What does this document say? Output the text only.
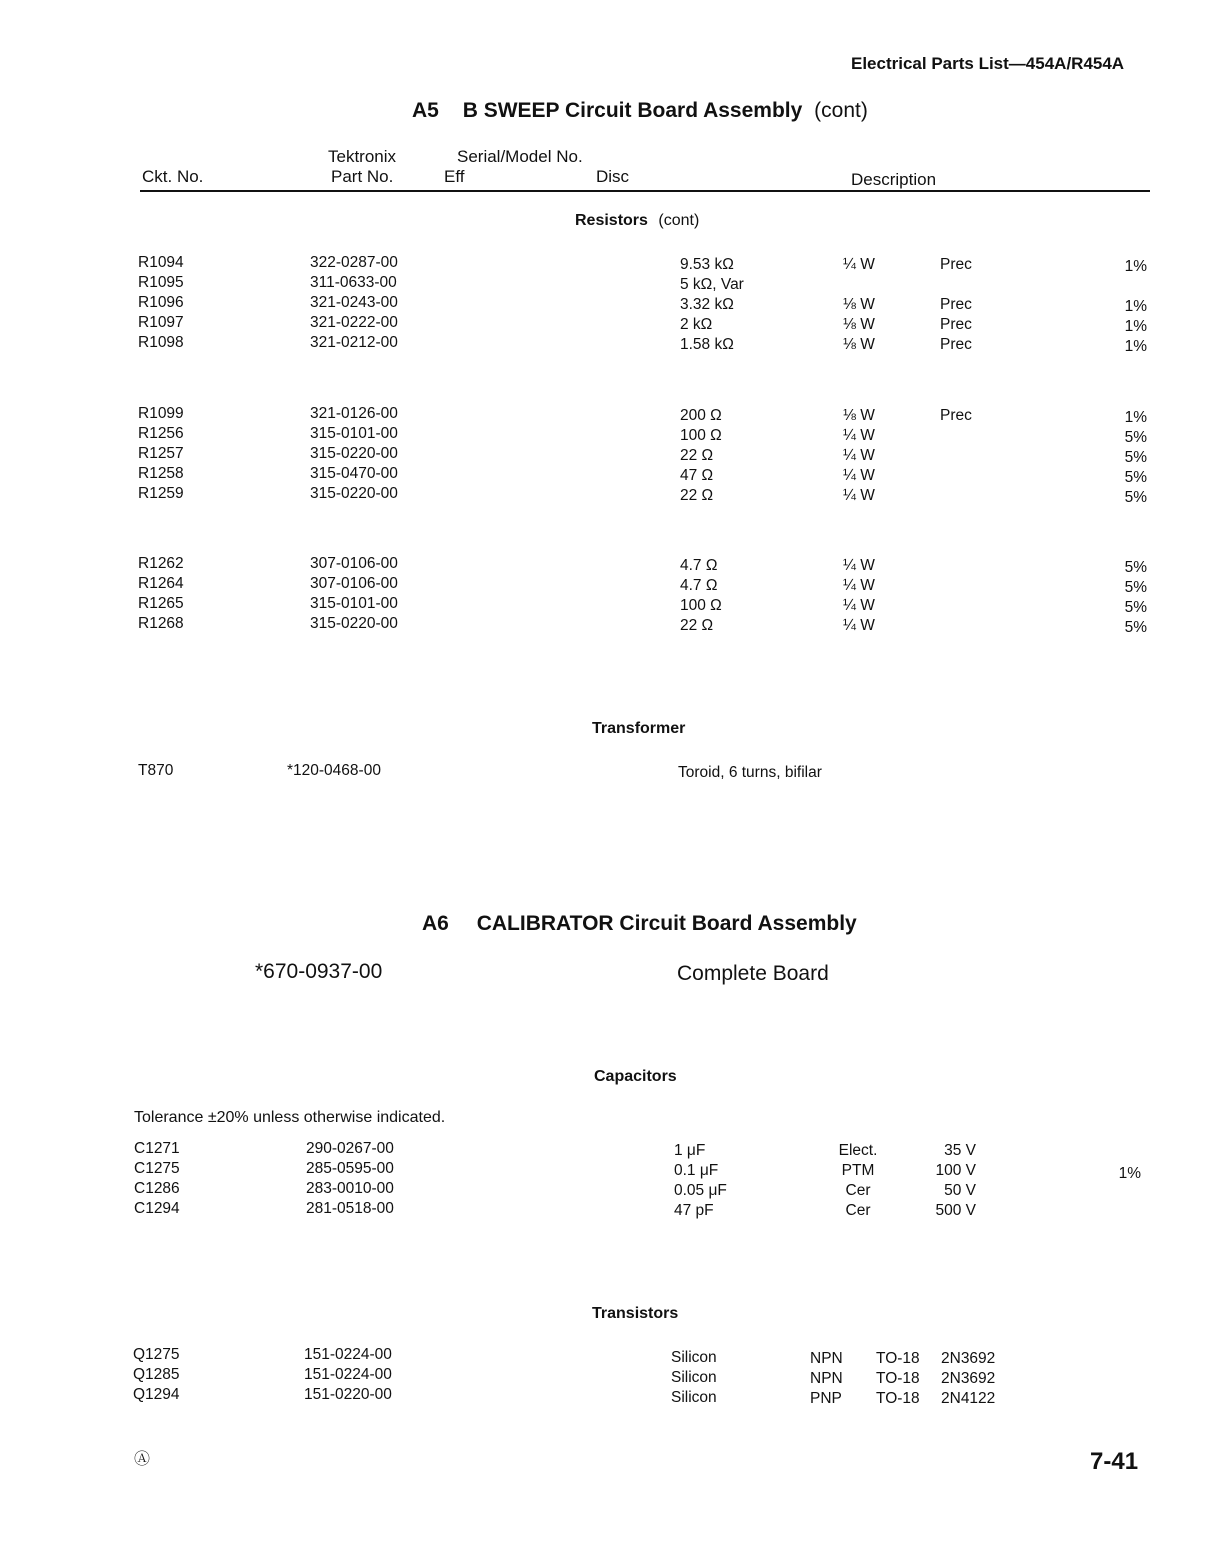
Electrical Parts List—454A/R454A
A5 B SWEEP Circuit Board Assembly (cont)
Tektronix	Serial/Model No.
Ckt. No.	Part No.	Eff	Disc	Description
Resistors (cont)
R1094	322-0287-00	9.53 kΩ	¼ W	Prec	1%
R1095	311-0633-00	5 kΩ, Var
R1096	321-0243-00	3.32 kΩ	⅛ W	Prec	1%
R1097	321-0222-00	2 kΩ	⅛ W	Prec	1%
R1098	321-0212-00	1.58 kΩ	⅛ W	Prec	1%
R1099	321-0126-00	200 Ω	⅛ W	Prec	1%
R1256	315-0101-00	100 Ω	¼ W	5%
R1257	315-0220-00	22 Ω	¼ W	5%
R1258	315-0470-00	47 Ω	¼ W	5%
R1259	315-0220-00	22 Ω	¼ W	5%
R1262	307-0106-00	4.7 Ω	¼ W	5%
R1264	307-0106-00	4.7 Ω	¼ W	5%
R1265	315-0101-00	100 Ω	¼ W	5%
R1268	315-0220-00	22 Ω	¼ W	5%
Transformer
T870	*120-0468-00	Toroid, 6 turns, bifilar
A6 CALIBRATOR Circuit Board Assembly
*670-0937-00	Complete Board
Capacitors
Tolerance ±20% unless otherwise indicated.
C1271	290-0267-00	1 μF	Elect.	35 V
C1275	285-0595-00	0.1 μF	PTM	100 V	1%
C1286	283-0010-00	0.05 μF	Cer	50 V
C1294	281-0518-00	47 pF	Cer	500 V
Transistors
Q1275	151-0224-00	Silicon	NPN TO-18 2N3692
Q1285	151-0224-00	Silicon	NPN TO-18 2N3692
Q1294	151-0220-00	Silicon	PNP TO-18 2N4122
Ⓐ	7-41
